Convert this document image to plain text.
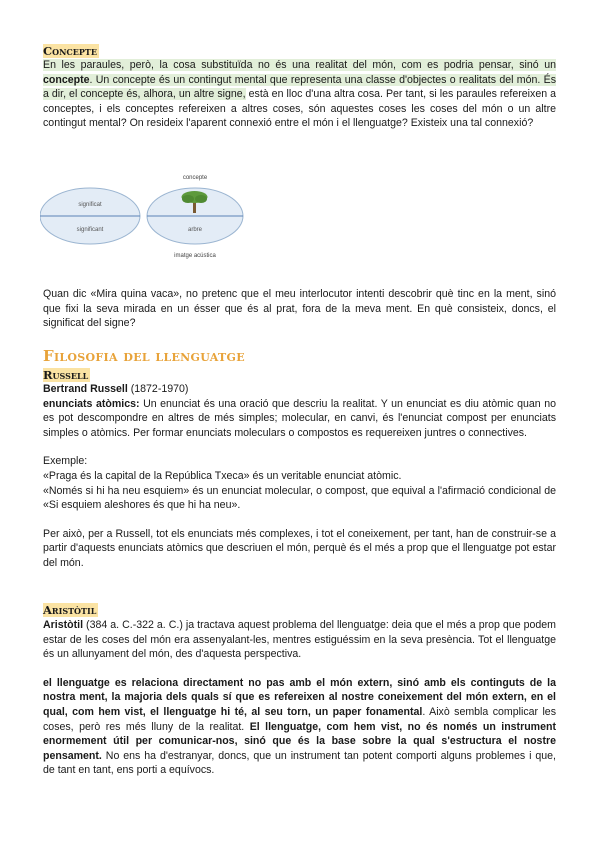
Concepte

En les paraules, però, la cosa substituïda no és una realitat del món, com es podria pensar, sinó un concepte. Un concepte és un contingut mental que representa una classe d'objectes o realitats del món. És a dir, el concepte és, alhora, un altre signe, està en lloc d'una altra cosa. Per tant, si les paraules refereixen a conceptes, i els conceptes refereixen a altres coses, són aquestes coses les coses del món o un altre contingut mental? On resideix l'aparent connexió entre el món i el llenguatge? Existeix una tal connexió?

significat
significant
concepte
arbre
imatge acústica

Quan dic «Mira quina vaca», no pretenc que el meu interlocutor intenti descobrir què tinc en la ment, sinó que fixi la seva mirada en un ésser que és al prat, fora de la meva ment. En què consisteix, doncs, el significat del signe?

Filosofia del llenguatge
Russell

Bertrand Russell (1872-1970)

enunciats atòmics: Un enunciat és una oració que descriu la realitat. Y un enunciat es diu atòmic quan no es pot descompondre en altres de més simples; molecular, en canvi, és l'enunciat compost per enunciats simples o atòmics. Per formar enunciats moleculars o compostos es requereixen juntres o connectives.

Exemple:

«Praga és la capital de la República Txeca» és un veritable enunciat atòmic.

«Només si hi ha neu esquiem» és un enunciat molecular, o compost, que equival a l'afirmació condicional de «Si esquiem aleshores és que hi ha neu».

Per això, per a Russell, tot els enunciats més complexes, i tot el coneixement, per tant, han de construir-se a partir d'aquests enunciats atòmics que descriuen el món, perquè és el més a prop que el llenguatge pot estar del món.

Aristòtil

Aristòtil (384 a. C.-322 a. C.) ja tractava aquest problema del llenguatge: deia que el més a prop que podem estar de les coses del món era assenyalant-les, mentres estiguéssim en la seva presència. Tot el llenguatge és un allunyament del món, des d'aquesta perspectiva.

el llenguatge es relaciona directament no pas amb el món extern, sinó amb els continguts de la nostra ment, la majoria dels quals sí que es refereixen al nostre coneixement del món extern, en el qual, com hem vist, el llenguatge hi té, al seu torn, un paper fonamental. Això sembla complicar les coses, però res més lluny de la realitat. El llenguatge, com hem vist, no és només un instrument enormement útil per comunicar-nos, sinó que és la base sobre la qual s'estructura el nostre pensament. No ens ha d'estranyar, doncs, que un instrument tan potent comporti alguns problemes i que, de tant en tant, ens porti a equívocs.
